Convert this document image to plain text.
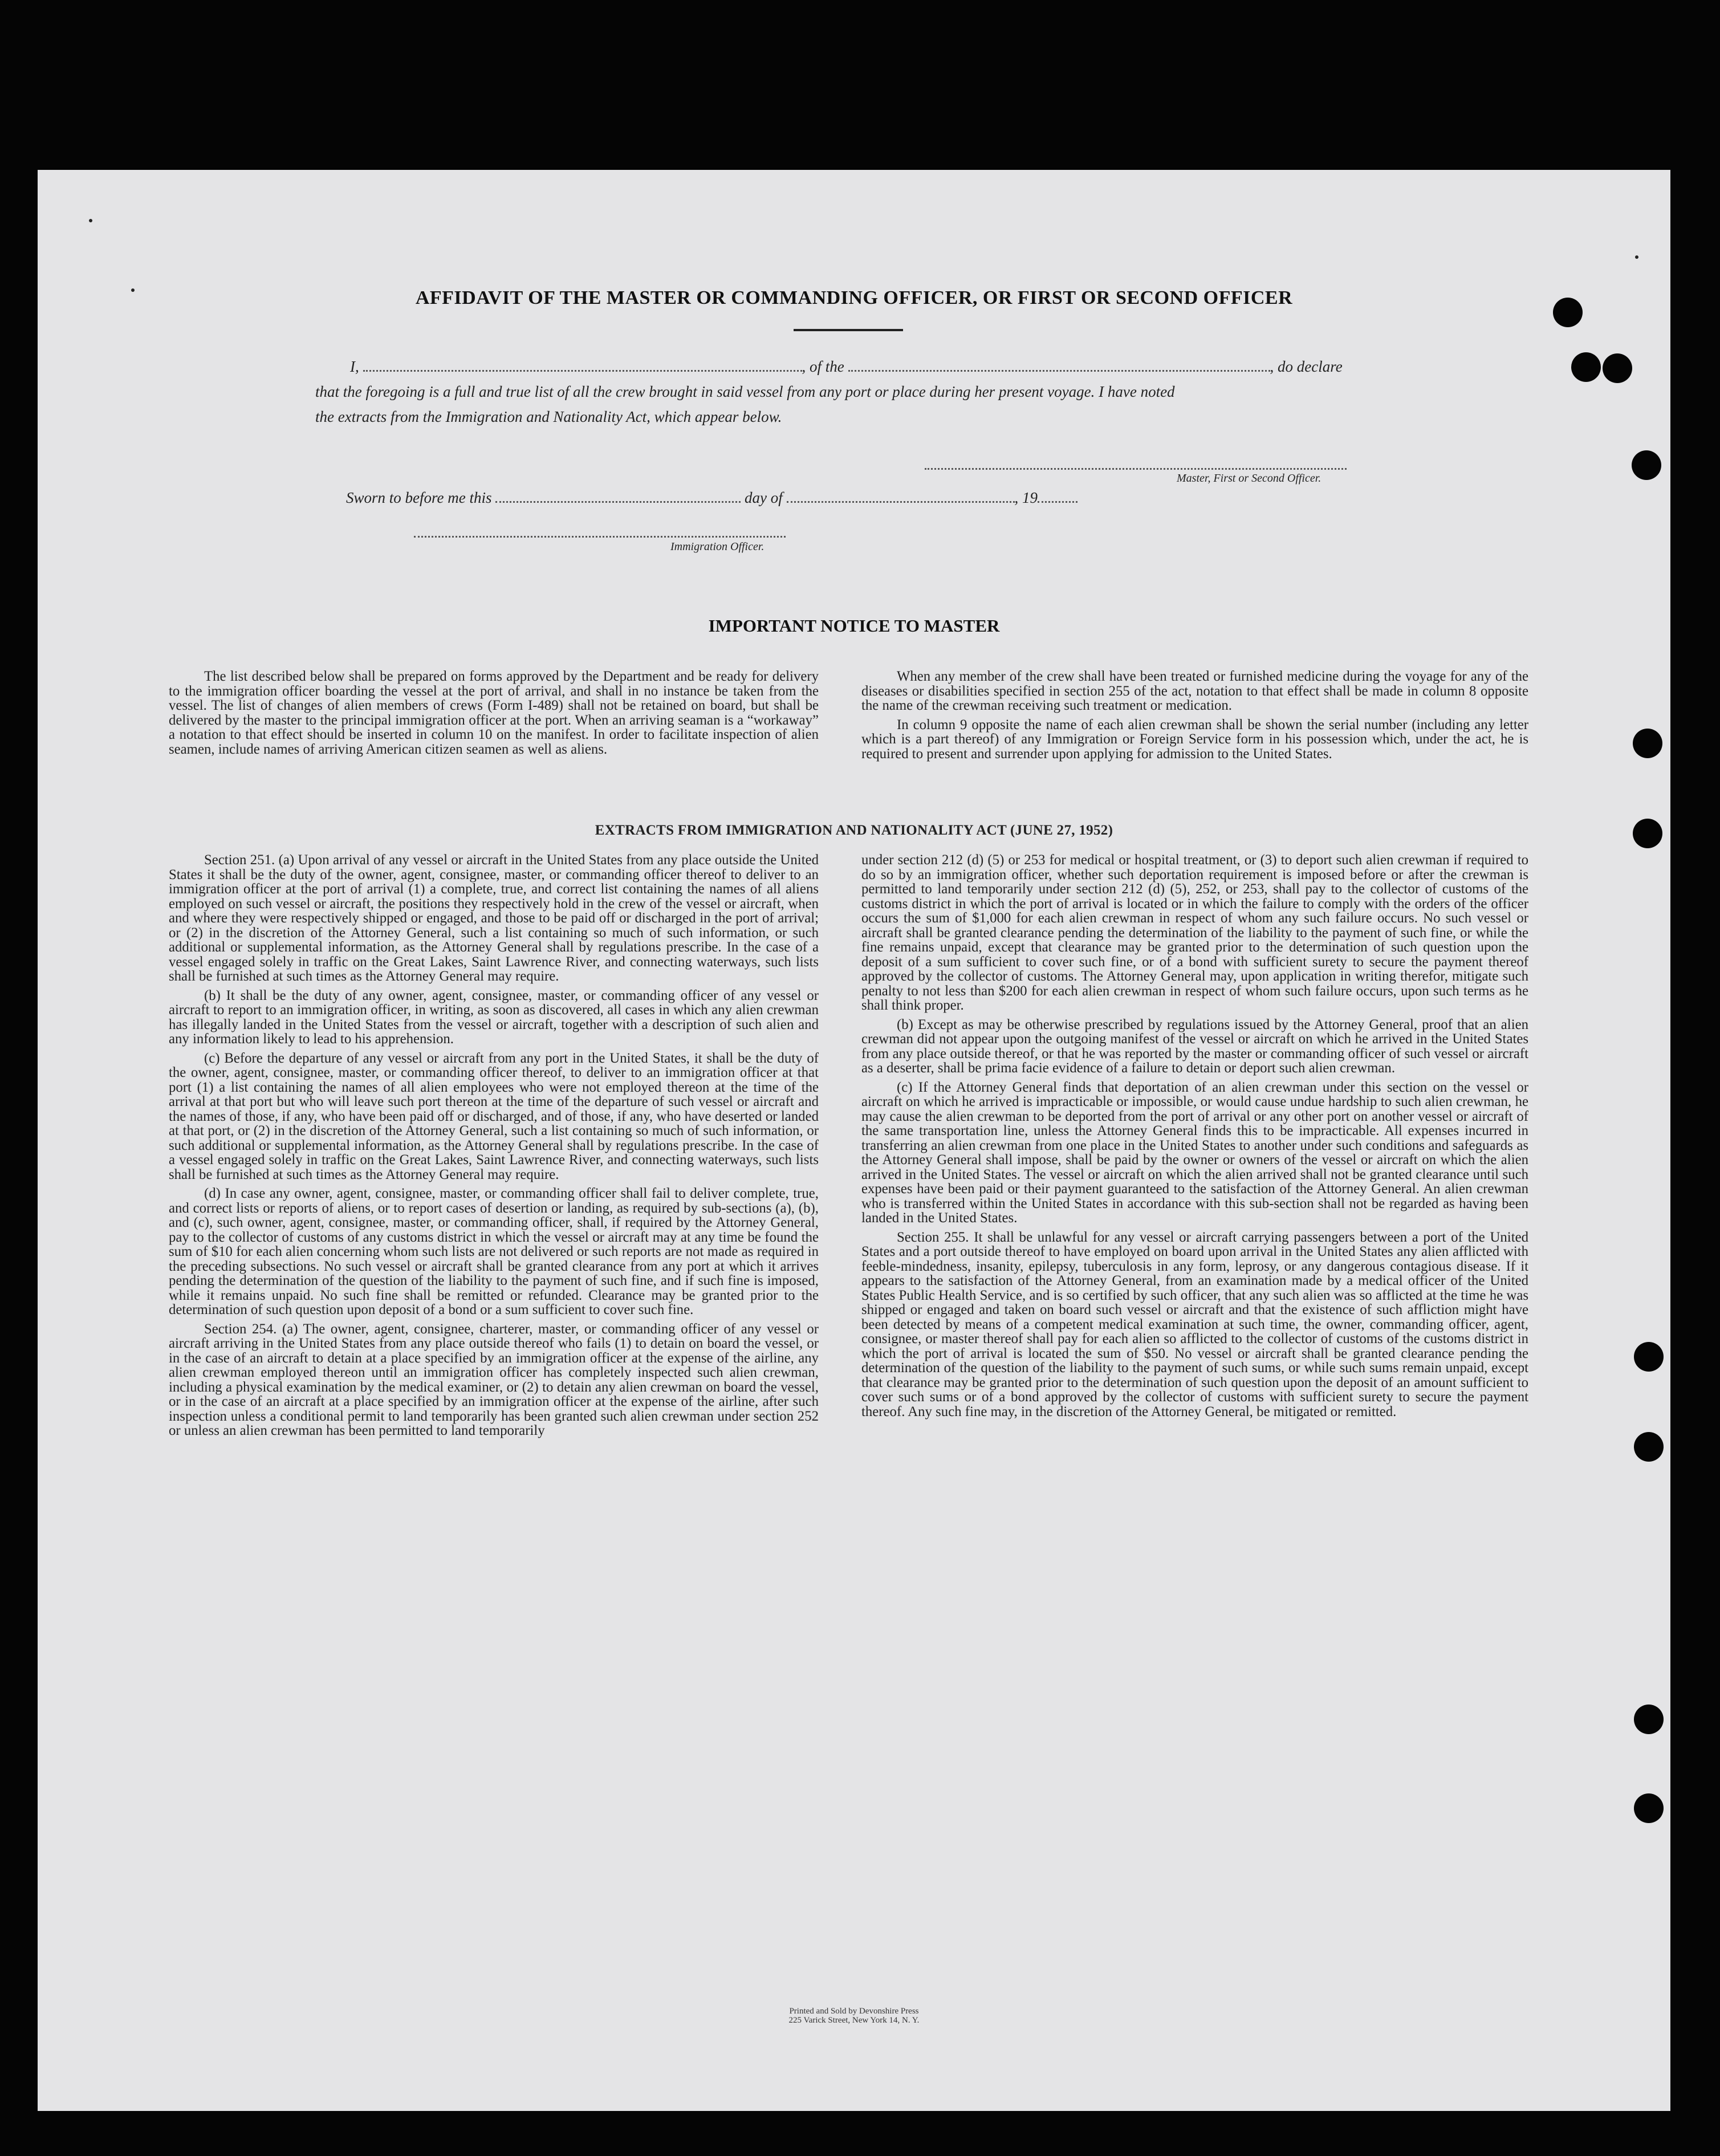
AFFIDAVIT OF THE MASTER OR COMMANDING OFFICER, OR FIRST OR SECOND OFFICER
I,	, of the	, do declare
that the foregoing is a full and true list of all the crew brought in said vessel from any port or place during her present voyage. I have noted
the extracts from the Immigration and Nationality Act, which appear below.
Master, First or Second Officer.
Sworn to before me this	day of	, 19
Immigration Officer.
IMPORTANT NOTICE TO MASTER

The list described below shall be prepared on forms approved by the Department and be ready for delivery to the immigration officer boarding the vessel at the port of arrival, and shall in no instance be taken from the vessel. The list of changes of alien members of crews (Form I-489) shall not be retained on board, but shall be delivered by the master to the principal immigration officer at the port. When an arriving seaman is a “workaway” a notation to that effect should be inserted in column 10 on the manifest. In order to facilitate inspection of alien seamen, include names of arriving American citizen seamen as well as aliens.

When any member of the crew shall have been treated or furnished medicine during the voyage for any of the diseases or disabilities specified in section 255 of the act, notation to that effect shall be made in column 8 opposite the name of the crewman receiving such treatment or medication.

In column 9 opposite the name of each alien crewman shall be shown the serial number (including any letter which is a part thereof) of any Immigration or Foreign Service form in his possession which, under the act, he is required to present and surrender upon applying for admission to the United States.

EXTRACTS FROM IMMIGRATION AND NATIONALITY ACT (JUNE 27, 1952)

Section 251. (a) Upon arrival of any vessel or aircraft in the United States from any place outside the United States it shall be the duty of the owner, agent, consignee, master, or commanding officer thereof to deliver to an immigration officer at the port of arrival (1) a complete, true, and correct list containing the names of all aliens employed on such vessel or aircraft, the positions they respectively hold in the crew of the vessel or aircraft, when and where they were respectively shipped or engaged, and those to be paid off or discharged in the port of arrival; or (2) in the discretion of the Attorney General, such a list containing so much of such information, or such additional or supplemental information, as the Attorney General shall by regulations prescribe. In the case of a vessel engaged solely in traffic on the Great Lakes, Saint Lawrence River, and connecting waterways, such lists shall be furnished at such times as the Attorney General may require.

(b) It shall be the duty of any owner, agent, consignee, master, or commanding officer of any vessel or aircraft to report to an immigration officer, in writing, as soon as discovered, all cases in which any alien crewman has illegally landed in the United States from the vessel or aircraft, together with a description of such alien and any information likely to lead to his apprehension.

(c) Before the departure of any vessel or aircraft from any port in the United States, it shall be the duty of the owner, agent, consignee, master, or commanding officer thereof, to deliver to an immigration officer at that port (1) a list containing the names of all alien employees who were not employed thereon at the time of the arrival at that port but who will leave such port thereon at the time of the departure of such vessel or aircraft and the names of those, if any, who have been paid off or discharged, and of those, if any, who have deserted or landed at that port, or (2) in the discretion of the Attorney General, such a list containing so much of such information, or such additional or supplemental information, as the Attorney General shall by regulations prescribe. In the case of a vessel engaged solely in traffic on the Great Lakes, Saint Lawrence River, and connecting waterways, such lists shall be furnished at such times as the Attorney General may require.

(d) In case any owner, agent, consignee, master, or commanding officer shall fail to deliver complete, true, and correct lists or reports of aliens, or to report cases of desertion or landing, as required by sub-sections (a), (b), and (c), such owner, agent, consignee, master, or commanding officer, shall, if required by the Attorney General, pay to the collector of customs of any customs district in which the vessel or aircraft may at any time be found the sum of $10 for each alien concerning whom such lists are not delivered or such reports are not made as required in the preceding subsections. No such vessel or aircraft shall be granted clearance from any port at which it arrives pending the determination of the question of the liability to the payment of such fine, and if such fine is imposed, while it remains unpaid. No such fine shall be remitted or refunded. Clearance may be granted prior to the determination of such question upon deposit of a bond or a sum sufficient to cover such fine.

Section 254. (a) The owner, agent, consignee, charterer, master, or commanding officer of any vessel or aircraft arriving in the United States from any place outside thereof who fails (1) to detain on board the vessel, or in the case of an aircraft to detain at a place specified by an immigration officer at the expense of the airline, any alien crewman employed thereon until an immigration officer has completely inspected such alien crewman, including a physical examination by the medical examiner, or (2) to detain any alien crewman on board the vessel, or in the case of an aircraft at a place specified by an immigration officer at the expense of the airline, after such inspection unless a conditional permit to land temporarily has been granted such alien crewman under section 252 or unless an alien crewman has been permitted to land temporarily

under section 212 (d) (5) or 253 for medical or hospital treatment, or (3) to deport such alien crewman if required to do so by an immigration officer, whether such deportation requirement is imposed before or after the crewman is permitted to land temporarily under section 212 (d) (5), 252, or 253, shall pay to the collector of customs of the customs district in which the port of arrival is located or in which the failure to comply with the orders of the officer occurs the sum of $1,000 for each alien crewman in respect of whom any such failure occurs. No such vessel or aircraft shall be granted clearance pending the determination of the liability to the payment of such fine, or while the fine remains unpaid, except that clearance may be granted prior to the determination of such question upon the deposit of a sum sufficient to cover such fine, or of a bond with sufficient surety to secure the payment thereof approved by the collector of customs. The Attorney General may, upon application in writing therefor, mitigate such penalty to not less than $200 for each alien crewman in respect of whom such failure occurs, upon such terms as he shall think proper.

(b) Except as may be otherwise prescribed by regulations issued by the Attorney General, proof that an alien crewman did not appear upon the outgoing manifest of the vessel or aircraft on which he arrived in the United States from any place outside thereof, or that he was reported by the master or commanding officer of such vessel or aircraft as a deserter, shall be prima facie evidence of a failure to detain or deport such alien crewman.

(c) If the Attorney General finds that deportation of an alien crewman under this section on the vessel or aircraft on which he arrived is impracticable or impossible, or would cause undue hardship to such alien crewman, he may cause the alien crewman to be deported from the port of arrival or any other port on another vessel or aircraft of the same transportation line, unless the Attorney General finds this to be impracticable. All expenses incurred in transferring an alien crewman from one place in the United States to another under such conditions and safeguards as the Attorney General shall impose, shall be paid by the owner or owners of the vessel or aircraft on which the alien arrived in the United States. The vessel or aircraft on which the alien arrived shall not be granted clearance until such expenses have been paid or their payment guaranteed to the satisfaction of the Attorney General. An alien crewman who is transferred within the United States in accordance with this sub-section shall not be regarded as having been landed in the United States.

Section 255. It shall be unlawful for any vessel or aircraft carrying passengers between a port of the United States and a port outside thereof to have employed on board upon arrival in the United States any alien afflicted with feeble-mindedness, insanity, epilepsy, tuberculosis in any form, leprosy, or any dangerous contagious disease. If it appears to the satisfaction of the Attorney General, from an examination made by a medical officer of the United States Public Health Service, and is so certified by such officer, that any such alien was so afflicted at the time he was shipped or engaged and taken on board such vessel or aircraft and that the existence of such affliction might have been detected by means of a competent medical examination at such time, the owner, commanding officer, agent, consignee, or master thereof shall pay for each alien so afflicted to the collector of customs of the customs district in which the port of arrival is located the sum of $50. No vessel or aircraft shall be granted clearance pending the determination of the question of the liability to the payment of such sums, or while such sums remain unpaid, except that clearance may be granted prior to the determination of such question upon the deposit of an amount sufficient to cover such sums or of a bond approved by the collector of customs with sufficient surety to secure the payment thereof. Any such fine may, in the discretion of the Attorney General, be mitigated or remitted.

Printed and Sold by Devonshire Press
225 Varick Street, New York 14, N. Y.
